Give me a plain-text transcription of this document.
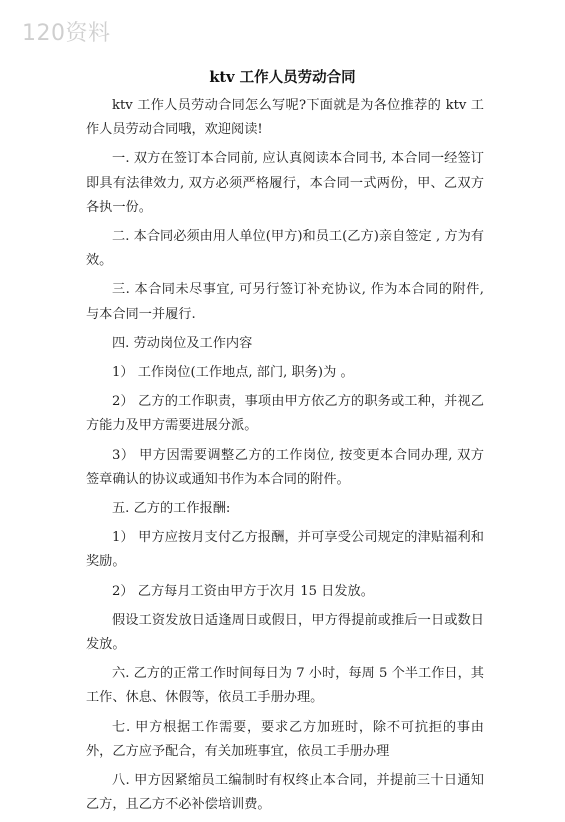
120资料
ktv 工作人员劳动合同

ktv 工作人员劳动合同怎么写呢?下面就是为各位推荐的 ktv 工作人员劳动合同哦，欢迎阅读!

一. 双方在签订本合同前, 应认真阅读本合同书, 本合同一经签订即具有法律效力, 双方必须严格履行，本合同一式两份，甲、乙双方各执一份。

二. 本合同必须由用人单位(甲方)和员工(乙方)亲自签定 , 方为有效。

三. 本合同未尽事宜, 可另行签订补充协议, 作为本合同的附件, 与本合同一并履行.

四. 劳动岗位及工作内容

1） 工作岗位(工作地点, 部门, 职务)为 。

2） 乙方的工作职责，事项由甲方依乙方的职务或工种，并视乙方能力及甲方需要进展分派。

3） 甲方因需要调整乙方的工作岗位, 按变更本合同办理, 双方签章确认的协议或通知书作为本合同的附件。

五. 乙方的工作报酬:

1） 甲方应按月支付乙方报酬，并可享受公司规定的津贴福利和奖励。

2） 乙方每月工资由甲方于次月 15 日发放。

假设工资发放日适逢周日或假日，甲方得提前或推后一日或数日发放。

六. 乙方的正常工作时间每日为 7 小时，每周 5 个半工作日，其工作、休息、休假等，依员工手册办理。

七. 甲方根据工作需要，要求乙方加班时，除不可抗拒的事由外，乙方应予配合，有关加班事宜，依员工手册办理

八. 甲方因紧缩员工编制时有权终止本合同，并提前三十日通知乙方，且乙方不必补偿培训费。
